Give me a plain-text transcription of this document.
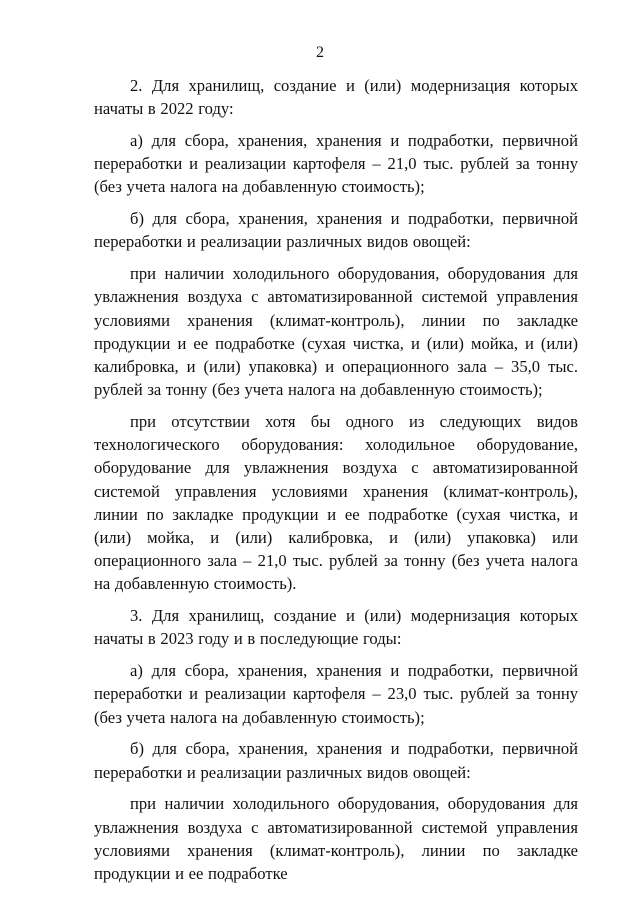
2

2. Для хранилищ, создание и (или) модернизация которых начаты в 2022 году:

а) для сбора, хранения, хранения и подработки, первичной переработки и реализации картофеля – 21,0 тыс. рублей за тонну (без учета налога на добавленную стоимость);

б) для сбора, хранения, хранения и подработки, первичной переработки и реализации различных видов овощей:

при наличии холодильного оборудования, оборудования для увлажнения воздуха с автоматизированной системой управления условиями хранения (климат-контроль), линии по закладке продукции и ее подработке (сухая чистка, и (или) мойка, и (или) калибровка, и (или) упаковка) и операционного зала – 35,0 тыс. рублей за тонну (без учета налога на добавленную стоимость);

при отсутствии хотя бы одного из следующих видов технологического оборудования: холодильное оборудование, оборудование для увлажнения воздуха с автоматизированной системой управления условиями хранения (климат-контроль), линии по закладке продукции и ее подработке (сухая чистка, и (или) мойка, и (или) калибровка, и (или) упаковка) или операционного зала – 21,0 тыс. рублей за тонну (без учета налога на добавленную стоимость).

3. Для хранилищ, создание и (или) модернизация которых начаты в 2023 году и в последующие годы:

а) для сбора, хранения, хранения и подработки, первичной переработки и реализации картофеля – 23,0 тыс. рублей за тонну (без учета налога на добавленную стоимость);

б) для сбора, хранения, хранения и подработки, первичной переработки и реализации различных видов овощей:

при наличии холодильного оборудования, оборудования для увлажнения воздуха с автоматизированной системой управления условиями хранения (климат-контроль), линии по закладке продукции и ее подработке
